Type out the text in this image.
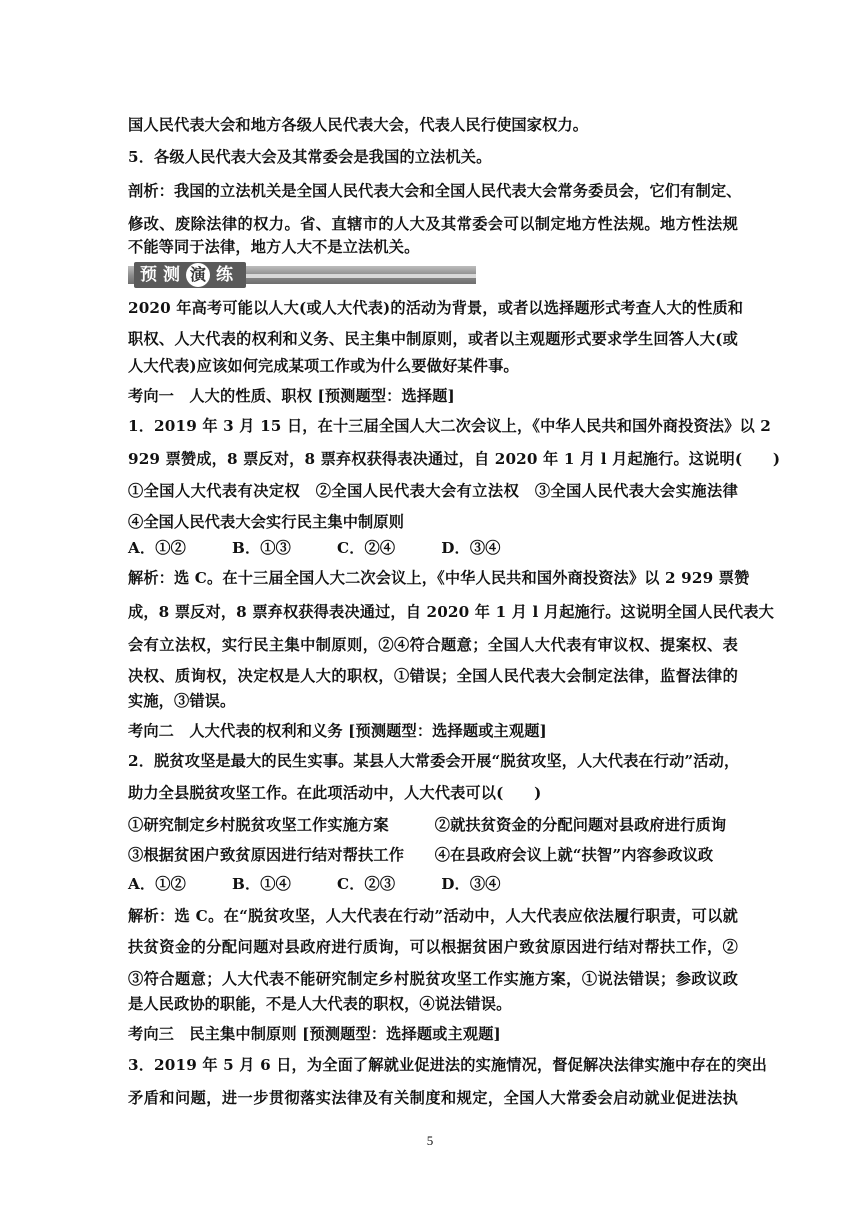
国人民代表大会和地方各级人民代表大会，代表人民行使国家权力。
5．各级人民代表大会及其常委会是我国的立法机关。
剖析：我国的立法机关是全国人民代表大会和全国人民代表大会常务委员会，它们有制定、
修改、废除法律的权力。省、直辖市的人大及其常委会可以制定地方性法规。地方性法规
不能等同于法律，地方人大不是立法机关。
预 测 演 练
2020 年高考可能以人大(或人大代表)的活动为背景，或者以选择题形式考查人大的性质和
职权、人大代表的权利和义务、民主集中制原则，或者以主观题形式要求学生回答人大(或
人大代表)应该如何完成某项工作或为什么要做好某件事。
考向一　人大的性质、职权 [预测题型：选择题]
1．2019 年 3 月 15 日，在十三届全国人大二次会议上，《中华人民共和国外商投资法》以 2
929 票赞成，8 票反对，8 票弃权获得表决通过，自 2020 年 1 月 l 月起施行。这说明(　　)
①全国人大代表有决定权　②全国人民代表大会有立法权　③全国人民代表大会实施法律
④全国人民代表大会实行民主集中制原则
A．①②　　　B．①③　　　C．②④　　　D．③④
解析：选 C。在十三届全国人大二次会议上，《中华人民共和国外商投资法》以 2 929 票赞
成，8 票反对，8 票弃权获得表决通过，自 2020 年 1 月 l 月起施行。这说明全国人民代表大
会有立法权，实行民主集中制原则，②④符合题意；全国人大代表有审议权、提案权、表
决权、质询权，决定权是人大的职权，①错误；全国人民代表大会制定法律，监督法律的
实施，③错误。
考向二　人大代表的权利和义务 [预测题型：选择题或主观题]
2．脱贫攻坚是最大的民生实事。某县人大常委会开展“脱贫攻坚，人大代表在行动”活动，
助力全县脱贫攻坚工作。在此项活动中，人大代表可以(　　)
①研究制定乡村脱贫攻坚工作实施方案　　　②就扶贫资金的分配问题对县政府进行质询
③根据贫困户致贫原因进行结对帮扶工作　　④在县政府会议上就“扶智”内容参政议政
A．①②　　　B．①④　　　C．②③　　　D．③④
解析：选 C。在“脱贫攻坚，人大代表在行动”活动中，人大代表应依法履行职责，可以就
扶贫资金的分配问题对县政府进行质询，可以根据贫困户致贫原因进行结对帮扶工作，②
③符合题意；人大代表不能研究制定乡村脱贫攻坚工作实施方案，①说法错误；参政议政
是人民政协的职能，不是人大代表的职权，④说法错误。
考向三　民主集中制原则 [预测题型：选择题或主观题]
3．2019 年 5 月 6 日，为全面了解就业促进法的实施情况，督促解决法律实施中存在的突出
矛盾和问题，进一步贯彻落实法律及有关制度和规定，全国人大常委会启动就业促进法执
5
